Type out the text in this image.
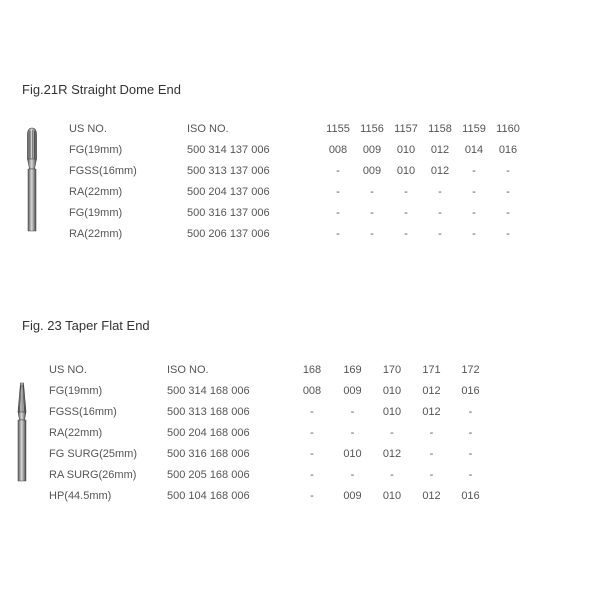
Fig.21R Straight Dome End
US NO.	ISO NO.	1155	1156	1157	1158	1159	1160
FG(19mm)	500 314 137 006	008	009	010	012	014	016
FGSS(16mm)	500 313 137 006	-	009	010	012	-	-
RA(22mm)	500 204 137 006	-	-	-	-	-	-
FG(19mm)	500 316 137 006	-	-	-	-	-	-
RA(22mm)	500 206 137 006	-	-	-	-	-	-
Fig. 23 Taper Flat End
US NO.	ISO NO.	168	169	170	171	172
FG(19mm)	500 314 168 006	008	009	010	012	016
FGSS(16mm)	500 313 168 006	-	-	010	012	-
RA(22mm)	500 204 168 006	-	-	-	-	-
FG SURG(25mm)	500 316 168 006	-	010	012	-	-
RA SURG(26mm)	500 205 168 006	-	-	-	-	-
HP(44.5mm)	500 104 168 006	-	009	010	012	016
